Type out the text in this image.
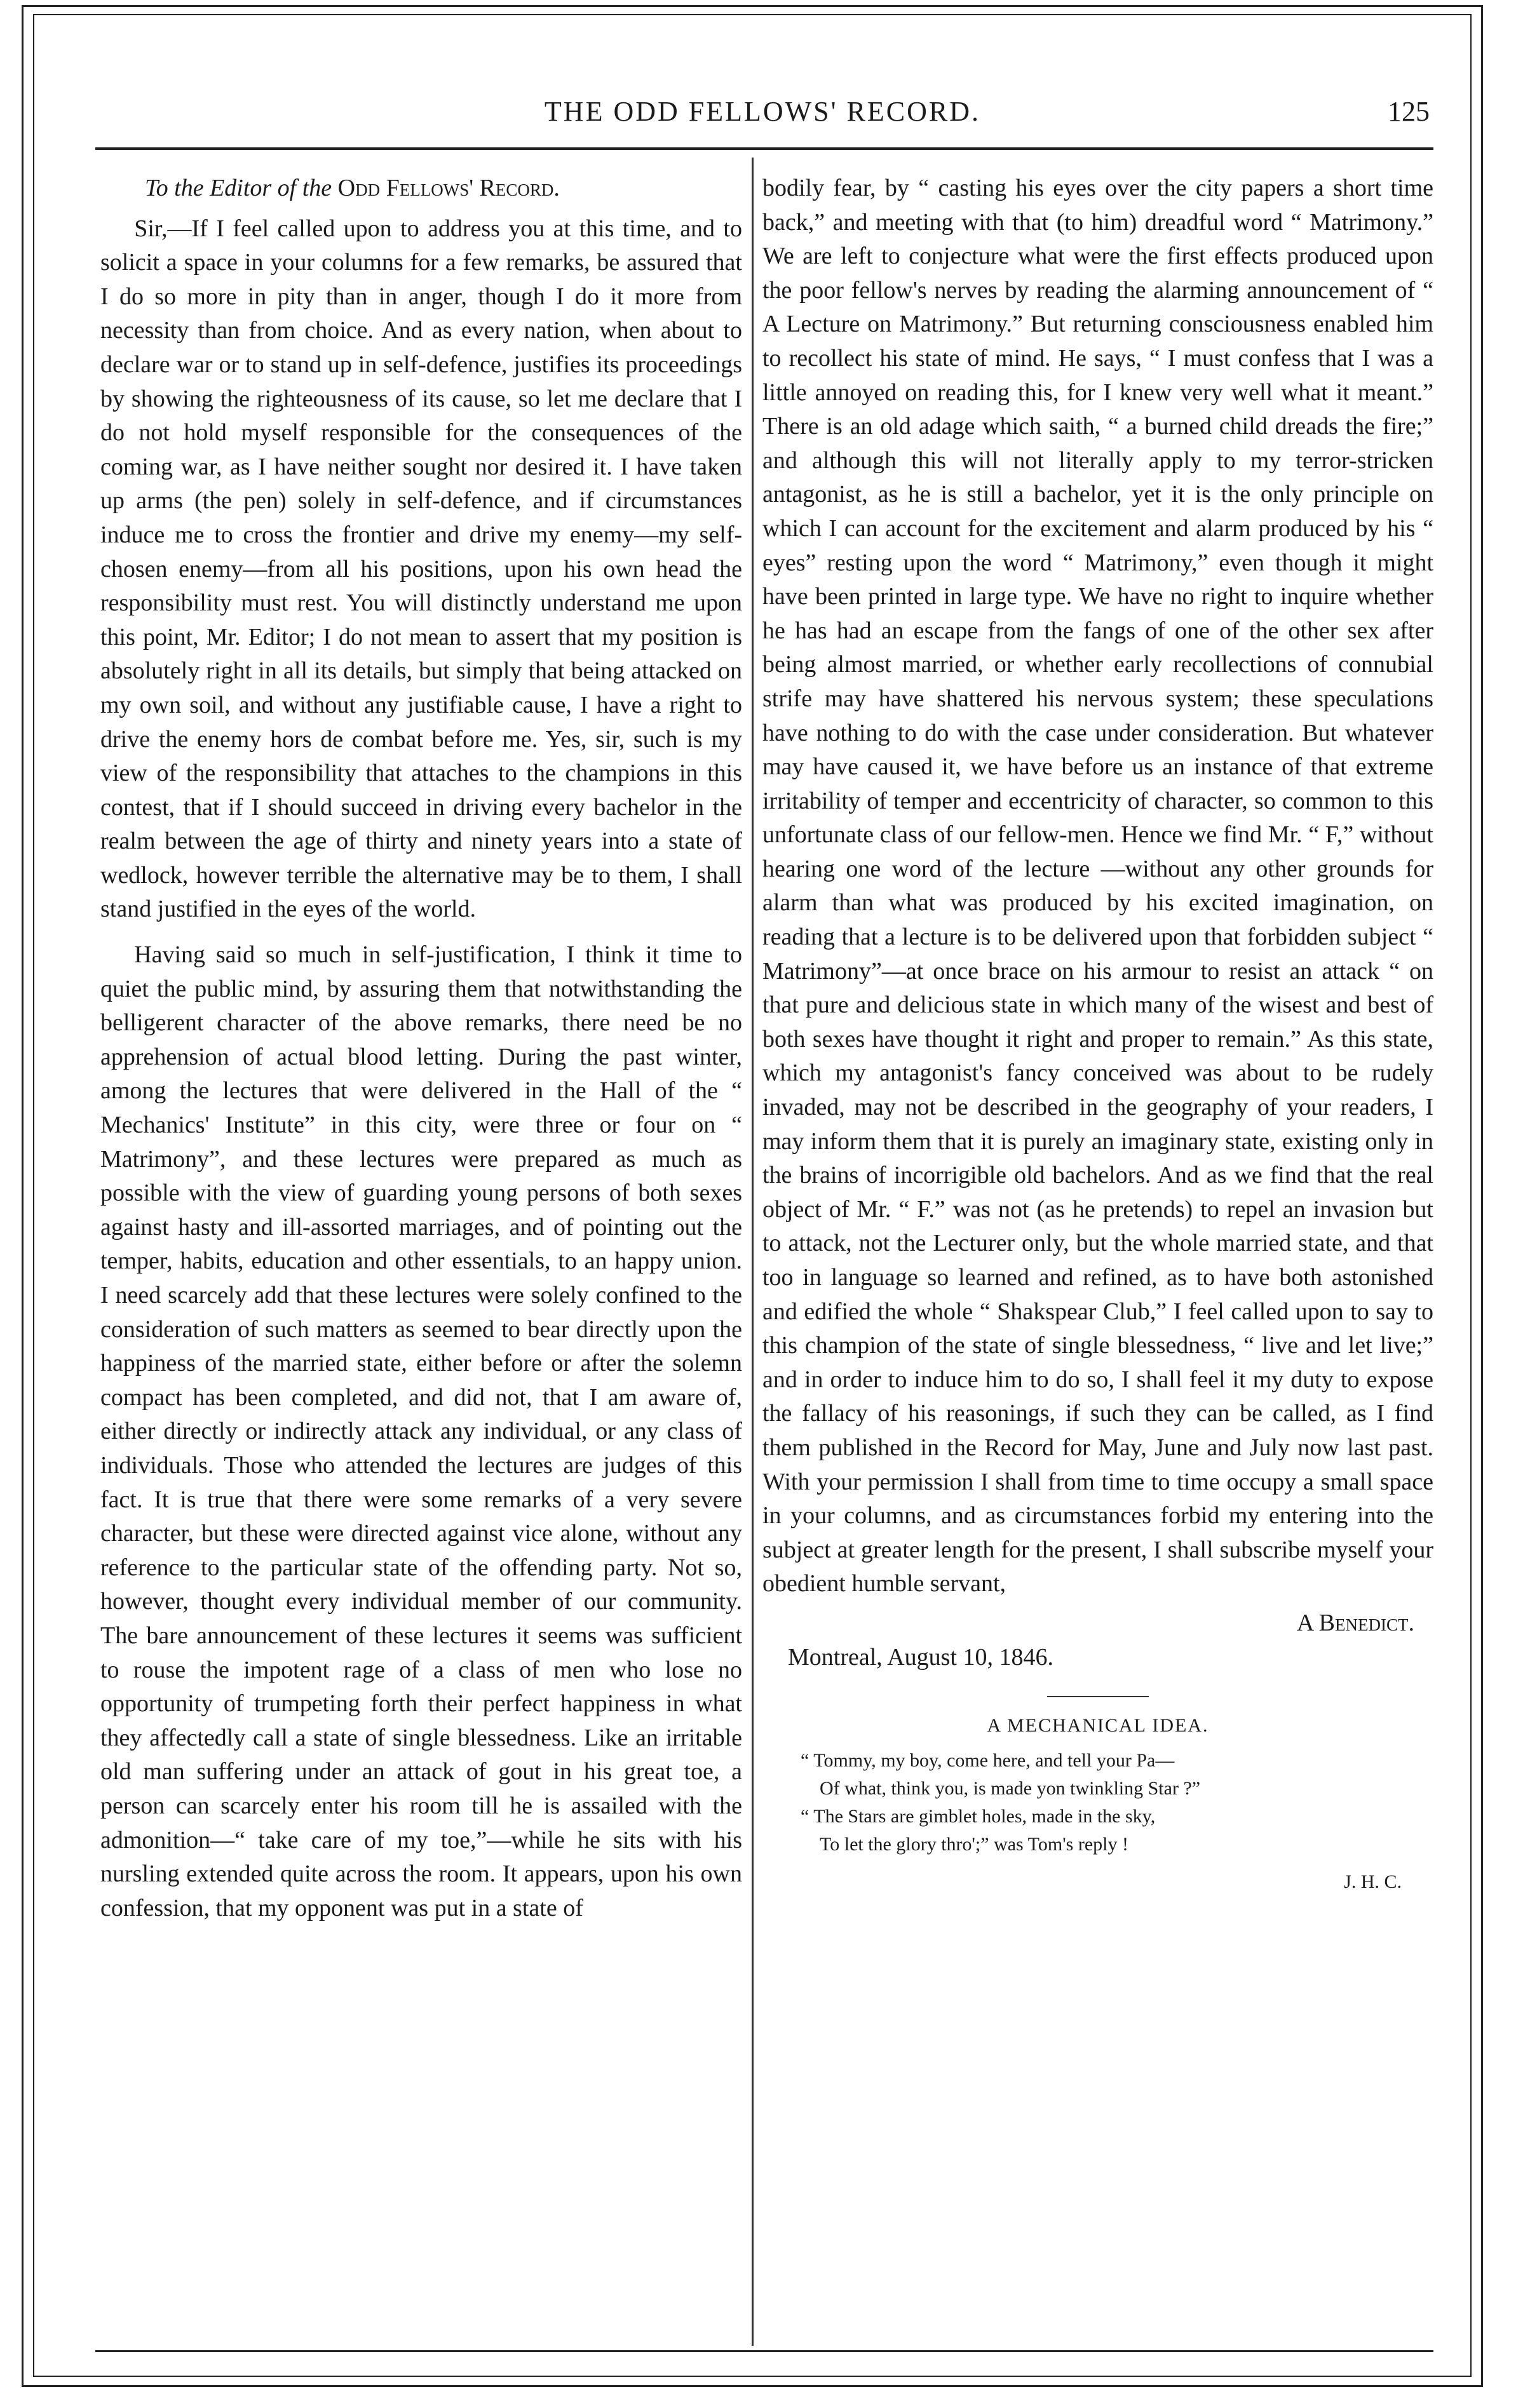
THE ODD FELLOWS' RECORD.	125
To the Editor of the Odd Fellows' Record.

Sir,—If I feel called upon to address you at this time, and to solicit a space in your columns for a few remarks, be assured that I do so more in pity than in anger, though I do it more from necessity than from choice. And as every nation, when about to declare war or to stand up in self-defence, justifies its proceedings by showing the righteousness of its cause, so let me declare that I do not hold myself responsible for the consequences of the coming war, as I have neither sought nor desired it. I have taken up arms (the pen) solely in self-defence, and if circumstances induce me to cross the frontier and drive my enemy—my self-chosen enemy—from all his positions, upon his own head the responsibility must rest. You will distinctly understand me upon this point, Mr. Editor; I do not mean to assert that my position is absolutely right in all its details, but simply that being attacked on my own soil, and without any justifiable cause, I have a right to drive the enemy hors de combat before me. Yes, sir, such is my view of the responsibility that attaches to the champions in this contest, that if I should succeed in driving every bachelor in the realm between the age of thirty and ninety years into a state of wedlock, however terrible the alternative may be to them, I shall stand justified in the eyes of the world.

Having said so much in self-justification, I think it time to quiet the public mind, by assuring them that notwithstanding the belligerent character of the above remarks, there need be no apprehension of actual blood letting. During the past winter, among the lectures that were delivered in the Hall of the “ Mechanics' Institute” in this city, were three or four on “ Matrimony”, and these lectures were prepared as much as possible with the view of guarding young persons of both sexes against hasty and ill-assorted marriages, and of pointing out the temper, habits, education and other essentials, to an happy union. I need scarcely add that these lectures were solely confined to the consideration of such matters as seemed to bear directly upon the happiness of the married state, either before or after the solemn compact has been completed, and did not, that I am aware of, either directly or indirectly attack any individual, or any class of individuals. Those who attended the lectures are judges of this fact. It is true that there were some remarks of a very severe character, but these were directed against vice alone, without any reference to the particular state of the offending party. Not so, however, thought every individual member of our community. The bare announcement of these lectures it seems was sufficient to rouse the impotent rage of a class of men who lose no opportunity of trumpeting forth their perfect happiness in what they affectedly call a state of single blessedness. Like an irritable old man suffering under an attack of gout in his great toe, a person can scarcely enter his room till he is assailed with the admonition—“ take care of my toe,”—while he sits with his nursling extended quite across the room. It appears, upon his own confession, that my opponent was put in a state of

bodily fear, by “ casting his eyes over the city papers a short time back,” and meeting with that (to him) dreadful word “ Matrimony.” We are left to conjecture what were the first effects produced upon the poor fellow's nerves by reading the alarming announcement of “ A Lecture on Matrimony.” But returning consciousness enabled him to recollect his state of mind. He says, “ I must confess that I was a little annoyed on reading this, for I knew very well what it meant.” There is an old adage which saith, “ a burned child dreads the fire;” and although this will not literally apply to my terror-stricken antagonist, as he is still a bachelor, yet it is the only principle on which I can account for the excitement and alarm produced by his “ eyes” resting upon the word “ Matrimony,” even though it might have been printed in large type. We have no right to inquire whether he has had an escape from the fangs of one of the other sex after being almost married, or whether early recollections of connubial strife may have shattered his nervous system; these speculations have nothing to do with the case under consideration. But whatever may have caused it, we have before us an instance of that extreme irritability of temper and eccentricity of character, so common to this unfortunate class of our fellow-men. Hence we find Mr. “ F,” without hearing one word of the lecture —without any other grounds for alarm than what was produced by his excited imagination, on reading that a lecture is to be delivered upon that forbidden subject “ Matrimony”—at once brace on his armour to resist an attack “ on that pure and delicious state in which many of the wisest and best of both sexes have thought it right and proper to remain.” As this state, which my antagonist's fancy conceived was about to be rudely invaded, may not be described in the geography of your readers, I may inform them that it is purely an imaginary state, existing only in the brains of incorrigible old bachelors. And as we find that the real object of Mr. “ F.” was not (as he pretends) to repel an invasion but to attack, not the Lecturer only, but the whole married state, and that too in language so learned and refined, as to have both astonished and edified the whole “ Shakspear Club,” I feel called upon to say to this champion of the state of single blessedness, “ live and let live;” and in order to induce him to do so, I shall feel it my duty to expose the fallacy of his reasonings, if such they can be called, as I find them published in the Record for May, June and July now last past. With your permission I shall from time to time occupy a small space in your columns, and as circumstances forbid my entering into the subject at greater length for the present, I shall subscribe myself your obedient humble servant,

A Benedict.
Montreal, August 10, 1846.
A MECHANICAL IDEA.
“ Tommy, my boy, come here, and tell your Pa—
Of what, think you, is made yon twinkling Star ?”
“ The Stars are gimblet holes, made in the sky,
To let the glory thro';” was Tom's reply !
J. H. C.
